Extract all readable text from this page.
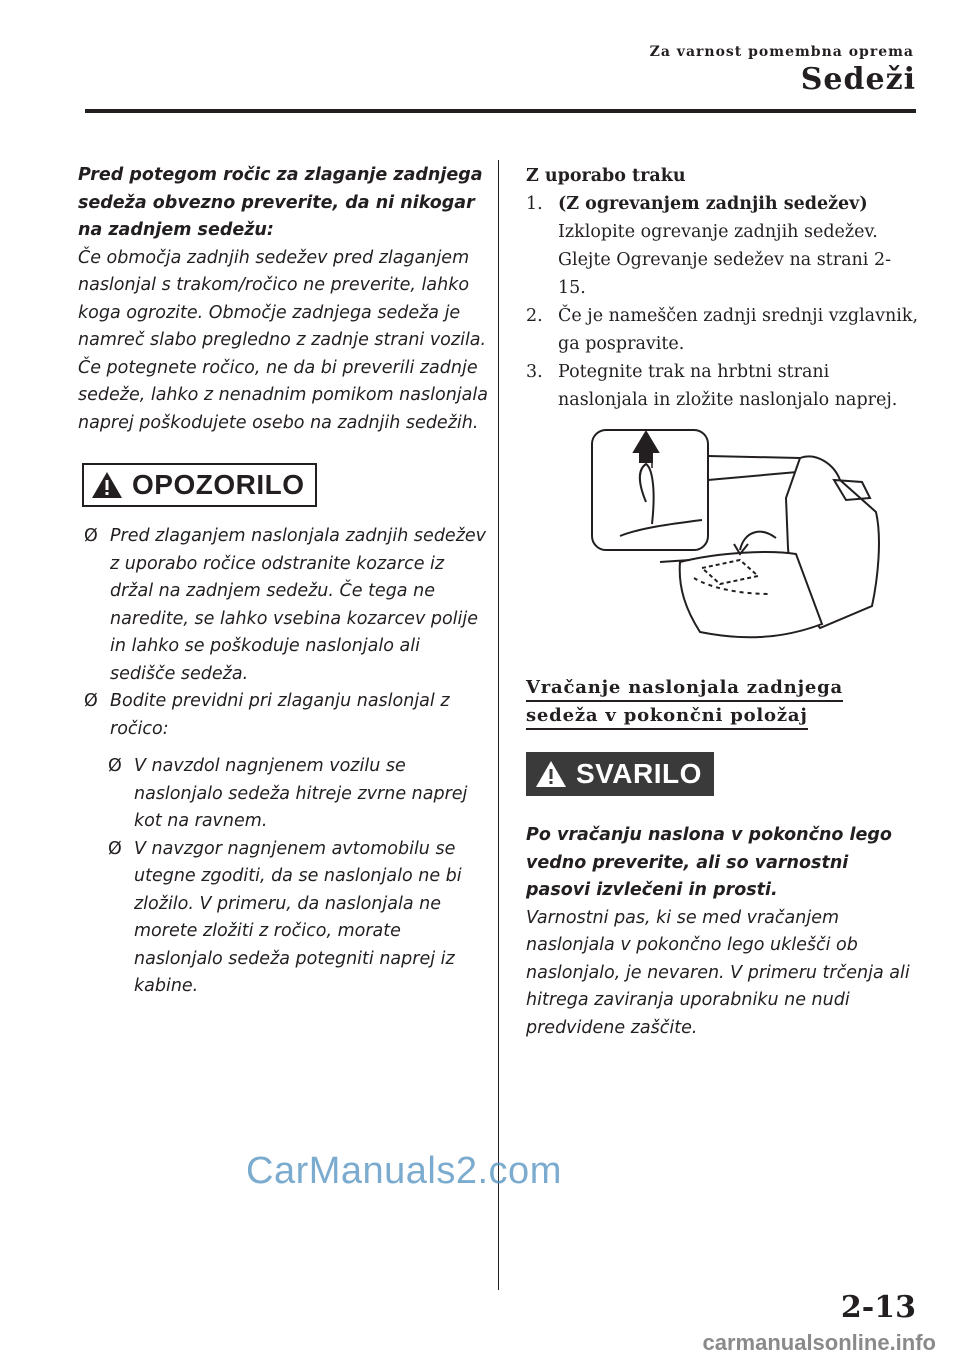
Za varnost pomembna oprema
Sedeži

Pred potegom ročic za zlaganje zadnjega sedeža obvezno preverite, da ni nikogar na zadnjem sedežu:

Če območja zadnjih sedežev pred zlaganjem naslonjal s trakom/ročico ne preverite, lahko koga ogrozite. Območje zadnjega sedeža je namreč slabo pregledno z zadnje strani vozila. Če potegnete ročico, ne da bi preverili zadnje sedeže, lahko z nenadnim pomikom naslonjala naprej poškodujete osebo na zadnjih sedežih.

OPOZORILO
Ø Pred zlaganjem naslonjala zadnjih sedežev z uporabo ročice odstranite kozarce iz držal na zadnjem sedežu. Če tega ne naredite, se lahko vsebina kozarcev polije in lahko se poškoduje naslonjalo ali sedišče sedeža.
Ø Bodite previdni pri zlaganju naslonjal z ročico:
Ø V navzdol nagnjenem vozilu se naslonjalo sedeža hitreje zvrne naprej kot na ravnem.
Ø V navzgor nagnjenem avtomobilu se utegne zgoditi, da se naslonjalo ne bi zložilo. V primeru, da naslonjala ne morete zložiti z ročico, morate naslonjalo sedeža potegniti naprej iz kabine.
Z uporabo traku
1. (Z ogrevanjem zadnjih sedežev)
Izklopite ogrevanje zadnjih sedežev. Glejte Ogrevanje sedežev na strani 2-15.
2. Če je nameščen zadnji srednji vzglavnik, ga pospravite.
3. Potegnite trak na hrbtni strani naslonjala in zložite naslonjalo naprej.
Vračanje naslonjala zadnjega sedeža v pokončni položaj
SVARILO

Po vračanju naslona v pokončno lego vedno preverite, ali so varnostni pasovi izvlečeni in prosti.

Varnostni pas, ki se med vračanjem naslonjala v pokončno lego uklešči ob naslonjalo, je nevaren. V primeru trčenja ali hitrega zaviranja uporabniku ne nudi predvidene zaščite.

CarManuals2.com
2-13
carmanualsonline.info
